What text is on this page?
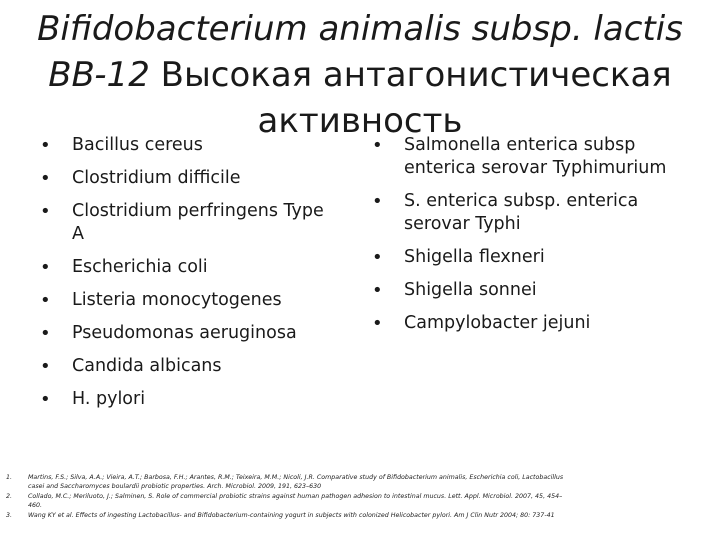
Bifidobacterium animalis subsp. lactis BB-12 Высокая антагонистическая активность
• Bacillus cereus
• Clostridium difficile
• Clostridium perfringens Type A
• Escherichia coli
• Listeria monocytogenes
• Pseudomonas aeruginosa
• Candida albicans
• H. pylori
• Salmonella enterica subsp enterica serovar Typhimurium
• S. enterica subsp. enterica serovar Typhi
• Shigella flexneri
• Shigella sonnei
• Campylobacter jejuni
1.	Martins, F.S.; Silva, A.A.; Vieira, A.T.; Barbosa, F.H.; Arantes, R.M.; Teixeira, M.M.; Nicoli, J.R. Comparative study of Bifidobacterium animalis, Escherichia coli, Lactobacillus casei and Saccharomyces boulardii probiotic properties. Arch. Microbiol. 2009, 191, 623–630
2.	Collado, M.C.; Meriluoto, J.; Salminen, S. Role of commercial probiotic strains against human pathogen adhesion to intestinal mucus. Lett. Appl. Microbiol. 2007, 45, 454–460.
3.	Wang KY et al. Effects of ingesting Lactobacillus- and Bifidobacterium-containing yogurt in subjects with colonized Helicobacter pylori. Am J Clin Nutr 2004; 80: 737-41
